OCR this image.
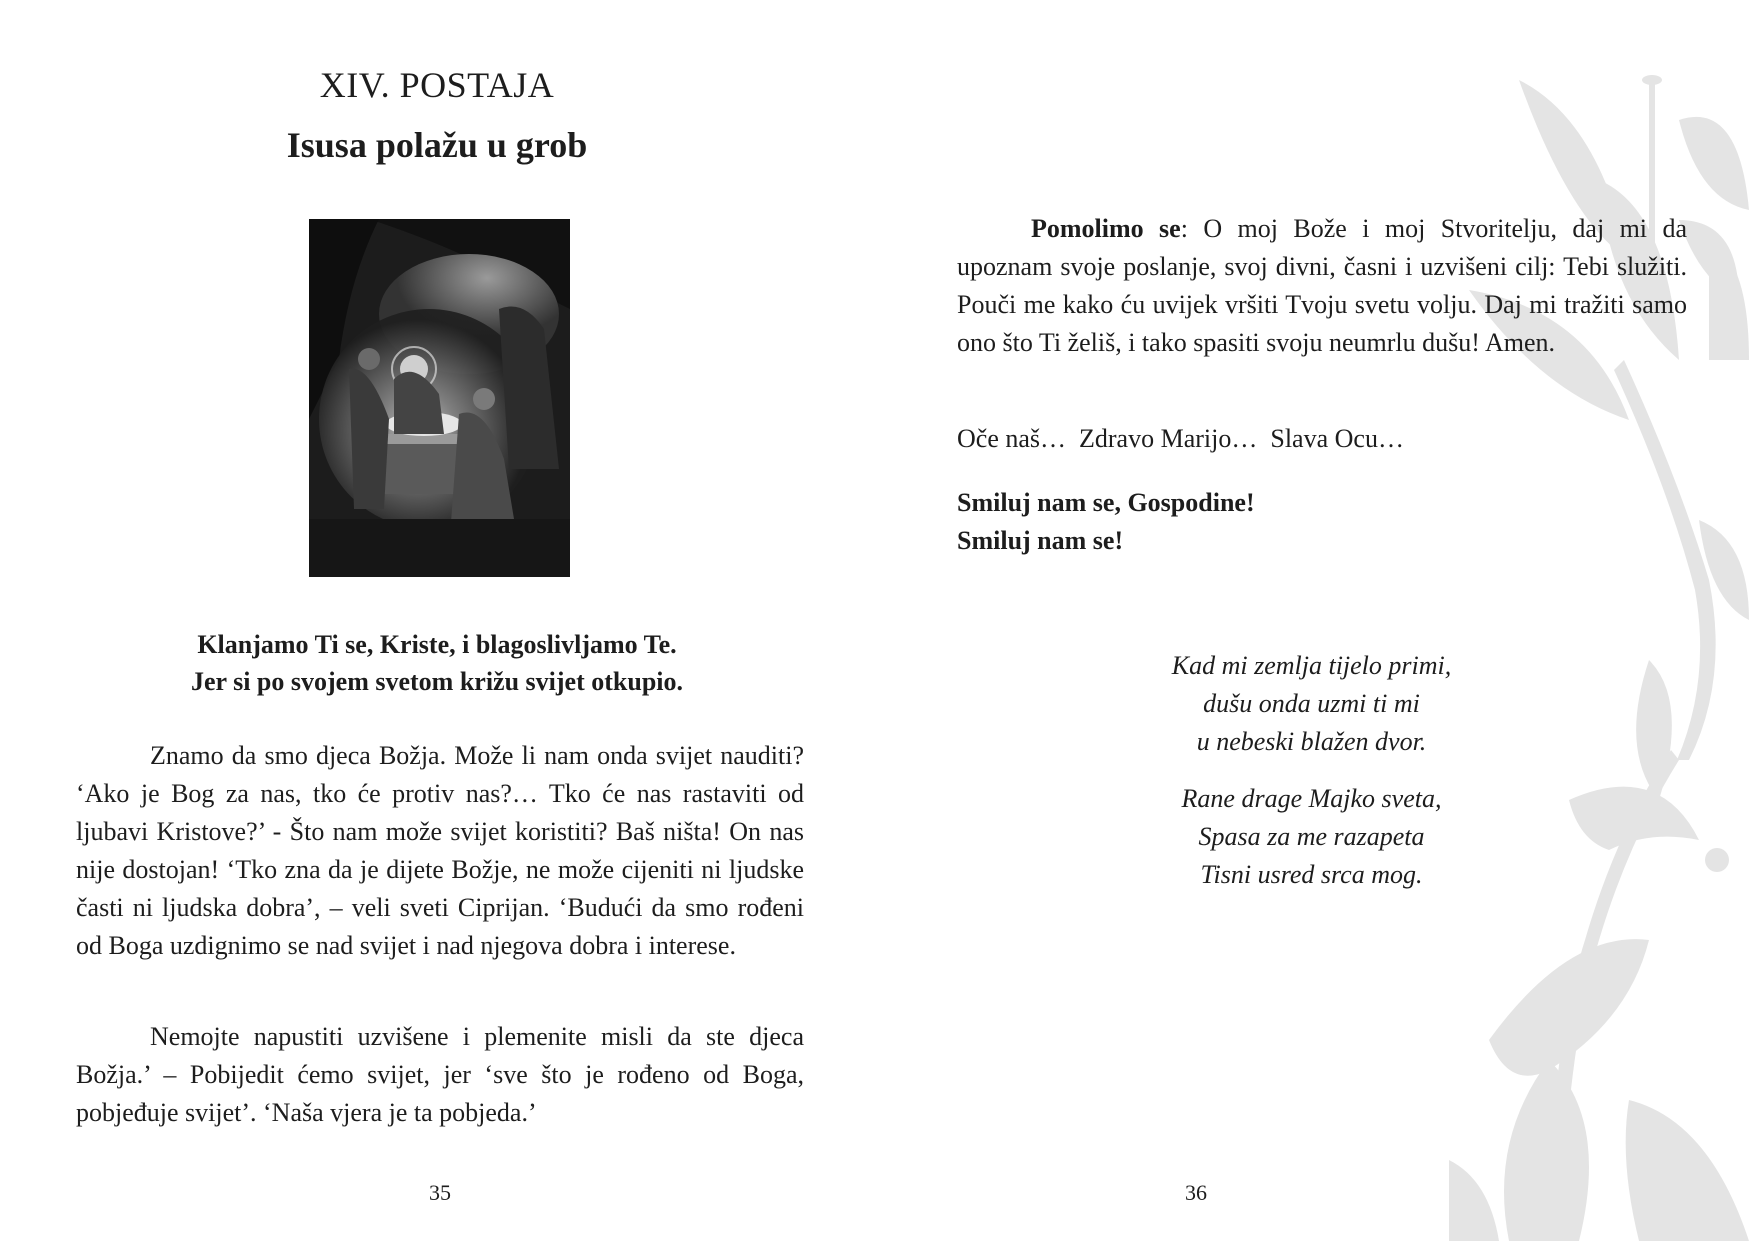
XIV. POSTAJA
Isusa polažu u grob
Klanjamo Ti se, Kriste, i blagoslivljamo Te.
Jer si po svojem svetom križu svijet otkupio.

Znamo da smo djeca Božja. Može li nam onda svijet nauditi? ‘Ako je Bog za nas, tko će protiv nas?… Tko će nas rastaviti od ljubavi Kristove?’ - Što nam može svijet koristiti? Baš ništa! On nas nije dostojan! ‘Tko zna da je dijete Božje, ne može cijeniti ni ljudske časti ni ljudska dobra’, – veli sveti Ciprijan. ‘Budući da smo rođeni od Boga uzdignimo se nad svijet i nad njegova dobra i interese.

Nemojte napustiti uzvišene i plemenite misli da ste djeca Božja.’ – Pobijedit ćemo svijet, jer ‘sve što je rođeno od Boga, pobjeđuje svijet’. ‘Naša vjera je ta pobjeda.’

35

Pomolimo se: O moj Bože i moj Stvoritelju, daj mi da upoznam svoje poslanje, svoj divni, časni i uzvišeni cilj: Tebi služiti. Pouči me kako ću uvijek vršiti Tvoju svetu volju. Daj mi tražiti samo ono što Ti želiš, i tako spasiti svoju neumrlu dušu! Amen.

Oče naš…  Zdravo Marijo…  Slava Ocu…

Smiluj nam se, Gospodine!
Smiluj nam se!
Kad mi zemlja tijelo primi,
dušu onda uzmi ti mi
u nebeski blažen dvor.
Rane drage Majko sveta,
Spasa za me razapeta
Tisni usred srca mog.
36
